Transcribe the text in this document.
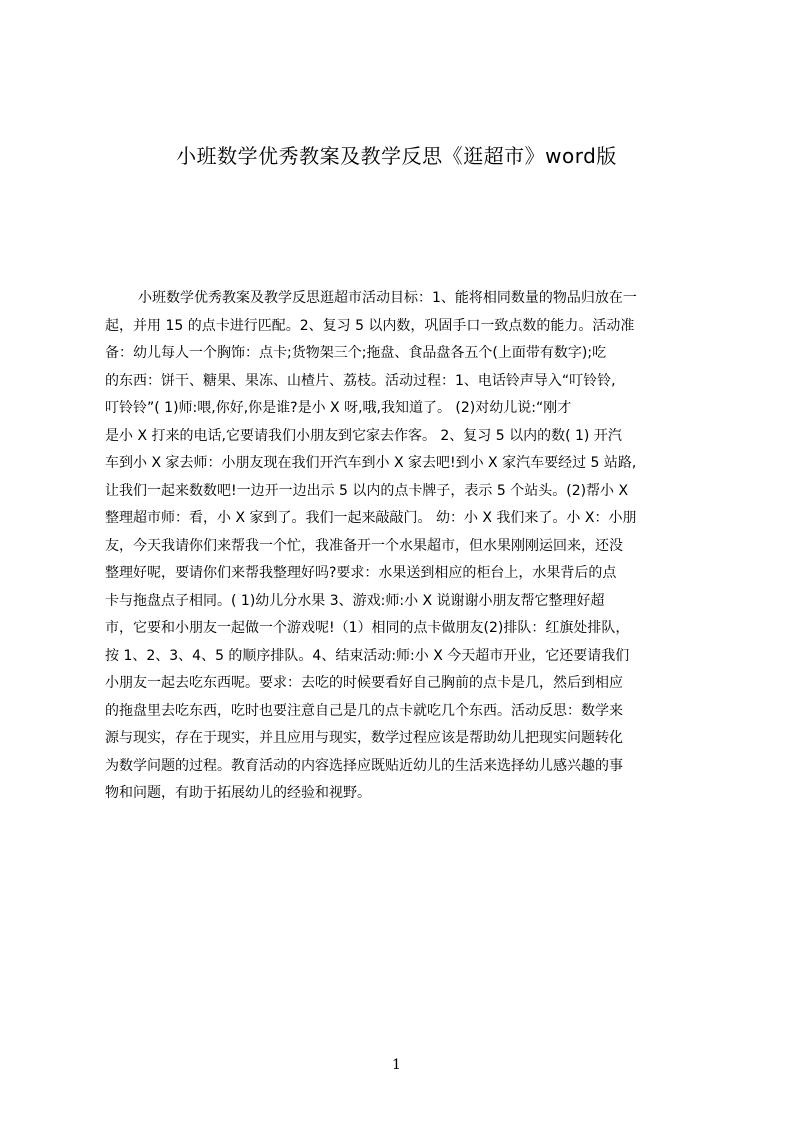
小班数学优秀教案及教学反思《逛超市》word版
小班数学优秀教案及教学反思逛超市活动目标：1、能将相同数量的物品归放在一
起，并用 15 的点卡进行匹配。2、复习 5 以内数，巩固手口一致点数的能力。活动准
备：幼儿每人一个胸饰：点卡;货物架三个;拖盘、食品盘各五个(上面带有数字);吃
的东西：饼干、糖果、果冻、山楂片、荔枝。活动过程：1、电话铃声导入“叮铃铃,
叮铃铃”( 1)师:喂,你好,你是谁?是小 X 呀,哦,我知道了。 (2)对幼儿说:“刚才
是小 X 打来的电话,它要请我们小朋友到它家去作客。 2、复习 5 以内的数( 1) 开汽
车到小 X 家去师：小朋友现在我们开汽车到小 X 家去吧!到小 X 家汽车要经过 5 站路,
让我们一起来数数吧!一边开一边出示 5 以内的点卡牌子，表示 5 个站头。(2)帮小 X
整理超市师：看，小 X 家到了。我们一起来敲敲门。 幼：小 X 我们来了。小 X：小朋
友，今天我请你们来帮我一个忙，我准备开一个水果超市，但水果刚刚运回来，还没
整理好呢，要请你们来帮我整理好吗?要求：水果送到相应的柜台上，水果背后的点
卡与拖盘点子相同。( 1)幼儿分水果 3、游戏:师:小 X 说谢谢小朋友帮它整理好超
市，它要和小朋友一起做一个游戏呢!（1）相同的点卡做朋友(2)排队：红旗处排队，
按 1、2、3、4、5 的顺序排队。4、结束活动:师:小 X 今天超市开业，它还要请我们
小朋友一起去吃东西呢。要求：去吃的时候要看好自己胸前的点卡是几，然后到相应
的拖盘里去吃东西，吃时也要注意自己是几的点卡就吃几个东西。活动反思：数学来
源与现实，存在于现实，并且应用与现实，数学过程应该是帮助幼儿把现实问题转化
为数学问题的过程。教育活动的内容选择应既贴近幼儿的生活来选择幼儿感兴趣的事
物和问题，有助于拓展幼儿的经验和视野。
1
